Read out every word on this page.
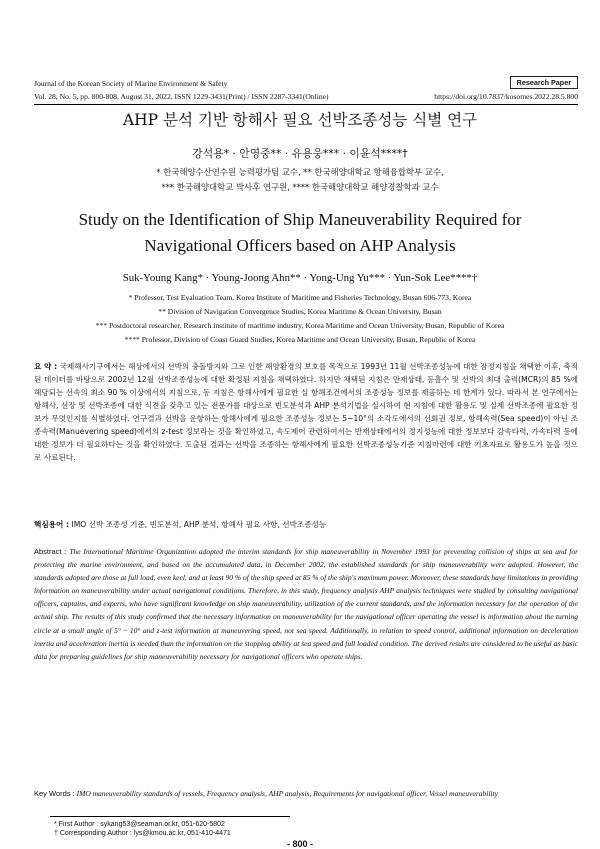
Journal of the Korean Society of Marine Environment & Safety	Research Paper
Vol. 28, No. 5, pp. 800-808, August 31, 2022, ISSN 1229-3431(Print) / ISSN 2287-3341(Online)	https://doi.org/10.7837/kosomes.2022.28.5.800
AHP 분석 기반 항해사 필요 선박조종성능 식별 연구
강석용* · 안영중** · 유용웅*** · 이윤석****†
* 한국해양수산연수원 능력평가팀 교수, ** 한국해양대학교 항해융합학부 교수,
*** 한국해양대학교 박사후 연구원, **** 한국해양대학교 해양경찰학과 교수
Study on the Identification of Ship Maneuverability Required for
Navigational Officers based on AHP Analysis
Suk-Young Kang* · Young-Joong Ahn** · Yong-Ung Yu*** · Yun-Sok Lee****†
* Professor, Test Evaluation Team, Korea Institute of Maritime and Fisheries Technology, Busan 606-773, Korea
** Division of Navigation Convergence Studies, Korea Maritime & Ocean University, Busan
*** Postdoctoral researcher, Research institute of maritime industry, Korea Maritime and Ocean University, Busan, Republic of Korea
**** Professor, Division of Coast Guard Studies, Korea Maritime and Ocean University, Busan, Republic of Korea
요 약 : 국제해사기구에서는 해상에서의 선박의 충돌방지와 그로 인한 해양환경의 보호를 목적으로 1993년 11월 선박조종성능에 대한 잠정지침을 채택한 이후, 축적된 데이터를 바탕으로 2002년 12월 선박조종성능에 대한 확정된 지침을 채택하였다. 하지만 채택된 지침은 만재상태, 등흘수 및 선박의 최대 출력(MCR)의 85 %에 해당되는 선속의 최소 90 % 이상에서의 지침으로, 동 지침은 항해사에게 필요한 실 항해조건에서의 조종성능 정보를 제공하는 데 한계가 있다. 따라서 본 연구에서는 항해사, 선장 및 선박조종에 대한 식견을 갖추고 있는 전문가를 대상으로 빈도분석과 AHP 분석기법을 실시하여 현 지침에 대한 활용도 및 실제 선박조종에 필요한 정보가 무엇인지를 식별하였다. 연구결과 선박을 운항하는 항해사에게 필요한 조종성능 정보는 5~10°의 소각도에서의 선회권 정보, 항해속력(Sea speed)이 아닌 조종속력(Manuevering speed)에서의 z-test 정보라는 것을 확인하였고, 속도제어 관련하여서는 반재상태에서의 정지성능에 대한 정보보다 감속타력, 가속타력 등에 대한 정보가 더 필요하다는 것을 확인하였다. 도출된 결과는 선박을 조종하는 항해사에게 필요한 선박조종성능기준 지침마련에 대한 기초자료로 활용도가 높을 것으로 사료된다.
핵심용어 : IMO 선박 조종성 기준, 빈도분석, AHP 분석, 항해사 필요 사항, 선박조종성능
Abstract : The International Maritime Organization adopted the interim standards for ship maneuverability in November 1993 for preventing collision of ships at sea and for protecting the marine environment, and based on the accumulated data, in December 2002, the established standards for ship maneuverability were adopted. However, the standards adopted are those at full load, even keel, and at least 90 % of the ship speed at 85 % of the ship's maximum power. Moreover, these standards have limitations in providing information on maneuverability under actual navigational conditions. Therefore, in this study, frequency analysis AHP analysis techniques were studied by consulting navigational officers, captains, and experts, who have significant knowledge on ship maneuverability, utilization of the current standards, and the information necessary for the operation of the actual ship. The results of this study confirmed that the necessary information on maneuverability for the navigational officer operating the vessel is information about the turning circle at a small angle of 5° ~ 10° and z-test information at maneuvering speed, not sea speed. Additionally, in relation to speed control, additional information on deceleration inertia and acceleration inertia is needed than the information on the stopping ability at sea speed and full loaded condition. The derived results are considered to be useful as basic data for preparing guidelines for ship maneuverability necessary for navigational officers who operate ships.
Key Words : IMO maneuverability standards of vessels, Frequency analysis, AHP analysis, Requirements for navigational officer, Vessel maneuverability
* First Author : sykang53@seaman.or.kr, 051-620-5802
† Corresponding Author : lys@kmou.ac.kr, 051-410-4471
- 800 -
